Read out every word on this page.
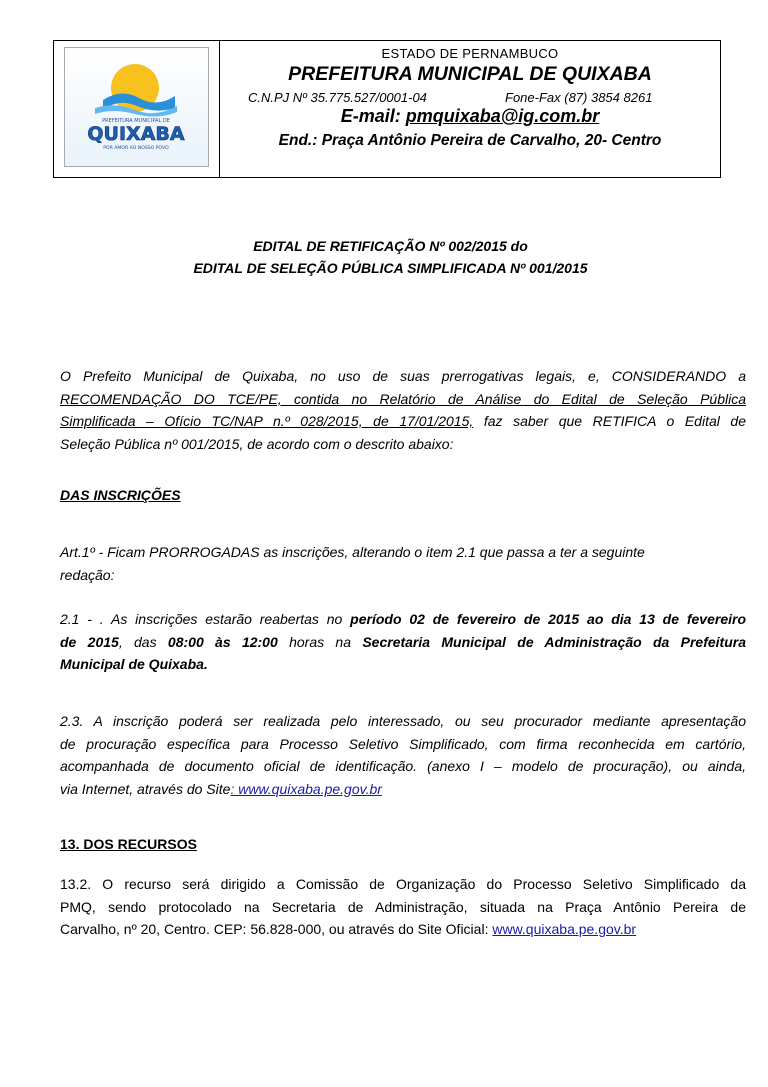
PREFEITURA MUNICIPAL DE
QUIXABA
POR AMOR AO NOSSO POVO
ESTADO DE PERNAMBUCO
PREFEITURA MUNICIPAL DE QUIXABA
C.N.PJ Nº 35.775.527/0001-04	Fone-Fax (87) 3854 8261
E-mail: pmquixaba@ig.com.br
End.: Praça Antônio Pereira de Carvalho, 20- Centro
EDITAL DE RETIFICAÇÃO Nº 002/2015 do
EDITAL DE SELEÇÃO PÚBLICA SIMPLIFICADA Nº 001/2015
O Prefeito Municipal de Quixaba, no uso de suas prerrogativas legais, e, CONSIDERANDO a
RECOMENDAÇÃO DO TCE/PE, contida no Relatório de Análise do Edital de Seleção Pública
Simplificada – Ofício TC/NAP n.º 028/2015, de 17/01/2015, faz saber que RETIFICA o Edital de
Seleção Pública nº 001/2015, de acordo com o descrito abaixo:
DAS INSCRIÇÕES
Art.1º - Ficam PRORROGADAS as inscrições, alterando o item 2.1 que passa a ter a seguinte
redação:
2.1 - . As inscrições estarão reabertas no período 02 de fevereiro de 2015 ao dia 13 de fevereiro
de 2015, das 08:00 às 12:00 horas na Secretaria Municipal de Administração da Prefeitura
Municipal de Quixaba.
2.3. A inscrição poderá ser realizada pelo interessado, ou seu procurador mediante apresentação
de procuração específica para Processo Seletivo Simplificado, com firma reconhecida em cartório,
acompanhada de documento oficial de identificação. (anexo I – modelo de procuração), ou ainda,
via Internet, através do Site: www.quixaba.pe.gov.br
13. DOS RECURSOS
13.2. O recurso será dirigido a Comissão de Organização do Processo Seletivo Simplificado da
PMQ, sendo protocolado na Secretaria de Administração, situada na Praça Antônio Pereira de
Carvalho, nº 20, Centro. CEP: 56.828-000, ou através do Site Oficial: www.quixaba.pe.gov.br
